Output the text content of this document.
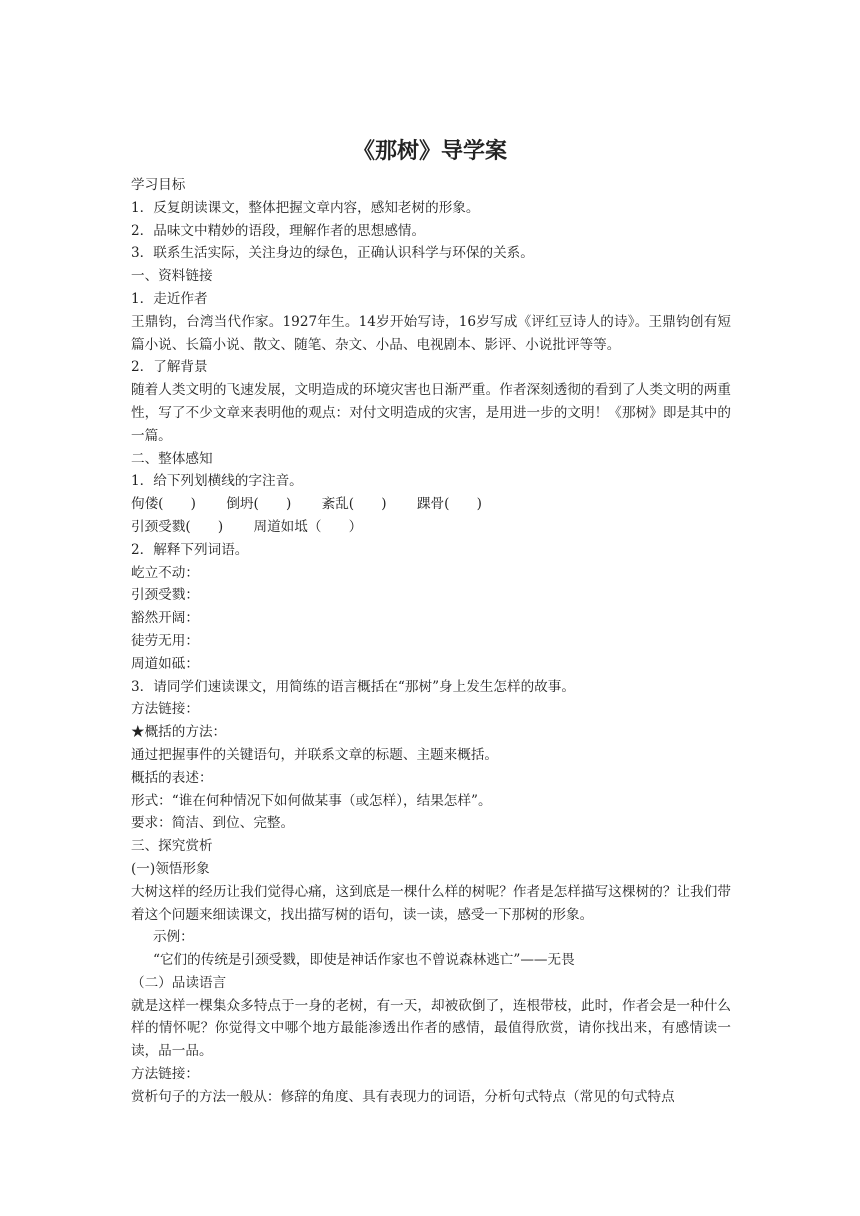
《那树》导学案
学习目标
1．反复朗读课文，整体把握文章内容，感知老树的形象。
2．品味文中精妙的语段，理解作者的思想感情。
3．联系生活实际，关注身边的绿色，正确认识科学与环保的关系。
一、资料链接
1．走近作者
王鼎钧，台湾当代作家。1927年生。14岁开始写诗，16岁写成《评红豆诗人的诗》。王鼎钧创有短篇小说、长篇小说、散文、随笔、杂文、小品、电视剧本、影评、小说批评等等。
2．了解背景
随着人类文明的飞速发展，文明造成的环境灾害也日渐严重。作者深刻透彻的看到了人类文明的两重性，写了不少文章来表明他的观点：对付文明造成的灾害，是用进一步的文明！《那树》即是其中的一篇。
二、整体感知
1．给下列划横线的字注音。
佝偻(　　) 倒坍(　　) 紊乱(　　) 踝骨(　　)
引颈受戮(　　) 周道如坻（　　）
2．解释下列词语。
屹立不动：
引颈受戮：
豁然开阔：
徒劳无用：
周道如砥：
3．请同学们速读课文，用简练的语言概括在“那树”身上发生怎样的故事。
方法链接：
★概括的方法：
通过把握事件的关键语句，并联系文章的标题、主题来概括。
概括的表述：
形式：“谁在何种情况下如何做某事（或怎样），结果怎样”。
要求：简洁、到位、完整。
三、探究赏析
(一)领悟形象
大树这样的经历让我们觉得心痛，这到底是一棵什么样的树呢？作者是怎样描写这棵树的？让我们带着这个问题来细读课文，找出描写树的语句，读一读，感受一下那树的形象。
示例：
“它们的传统是引颈受戮，即使是神话作家也不曾说森林逃亡”——无畏
（二）品读语言
就是这样一棵集众多特点于一身的老树，有一天，却被砍倒了，连根带枝，此时，作者会是一种什么样的情怀呢？你觉得文中哪个地方最能渗透出作者的感情，最值得欣赏，请你找出来，有感情读一读，品一品。
方法链接：
赏析句子的方法一般从：修辞的角度、具有表现力的词语，分析句式特点（常见的句式特点
